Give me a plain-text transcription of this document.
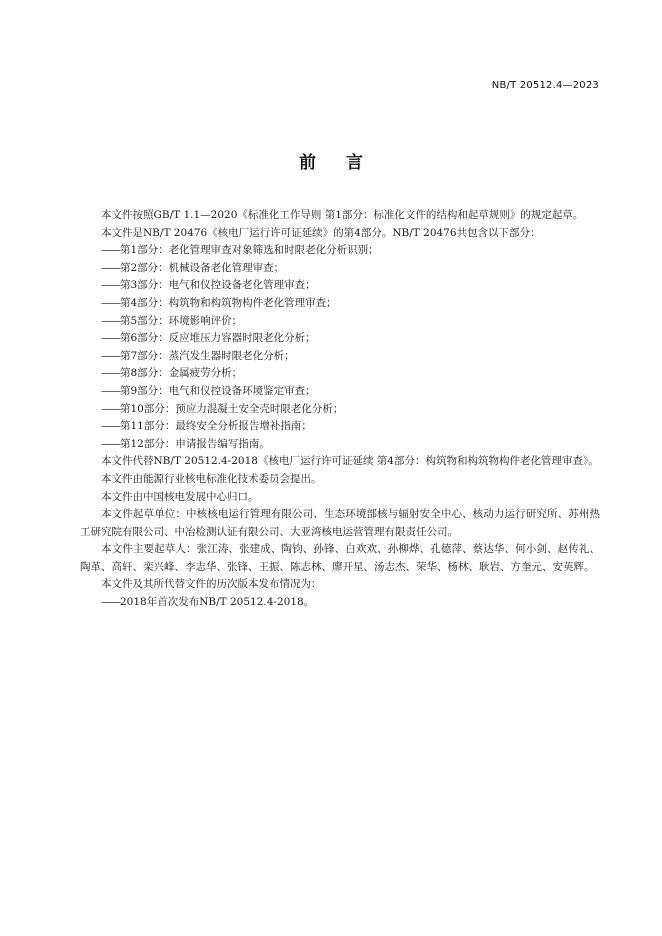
NB/T 20512.4—2023
前 言

本文件按照GB/T 1.1—2020《标准化工作导则 第1部分：标准化文件的结构和起草规则》的规定起草。

本文件是NB/T 20476《核电厂运行许可证延续》的第4部分。NB/T 20476共包含以下部分：

——第1部分：老化管理审查对象筛选和时限老化分析识别；

——第2部分：机械设备老化管理审查；

——第3部分：电气和仪控设备老化管理审查；

——第4部分：构筑物和构筑物构件老化管理审查；

——第5部分：环境影响评价；

——第6部分：反应堆压力容器时限老化分析；

——第7部分：蒸汽发生器时限老化分析；

——第8部分：金属疲劳分析；

——第9部分：电气和仪控设备环境鉴定审查；

——第10部分：预应力混凝土安全壳时限老化分析；

——第11部分：最终安全分析报告增补指南；

——第12部分：申请报告编写指南。

本文件代替NB/T 20512.4-2018《核电厂运行许可证延续 第4部分：构筑物和构筑物构件老化管理审查》。

本文件由能源行业核电标准化技术委员会提出。

本文件由中国核电发展中心归口。

本文件起草单位：中核核电运行管理有限公司、生态环境部核与辐射安全中心、核动力运行研究所、苏州热工研究院有限公司、中冶检测认证有限公司、大亚湾核电运营管理有限责任公司。

本文件主要起草人：张江涛、张建成、陶钧、孙锋、白欢欢、孙柳烨、孔德萍、蔡达华、何小剑、赵传礼、陶革、高轩、栾兴峰、李志华、张锋、王振、陈志林、廖开星、汤志杰、荣华、杨林、耿岩、方奎元、安英辉。

本文件及其所代替文件的历次版本发布情况为：

——2018年首次发布NB/T 20512.4-2018。
